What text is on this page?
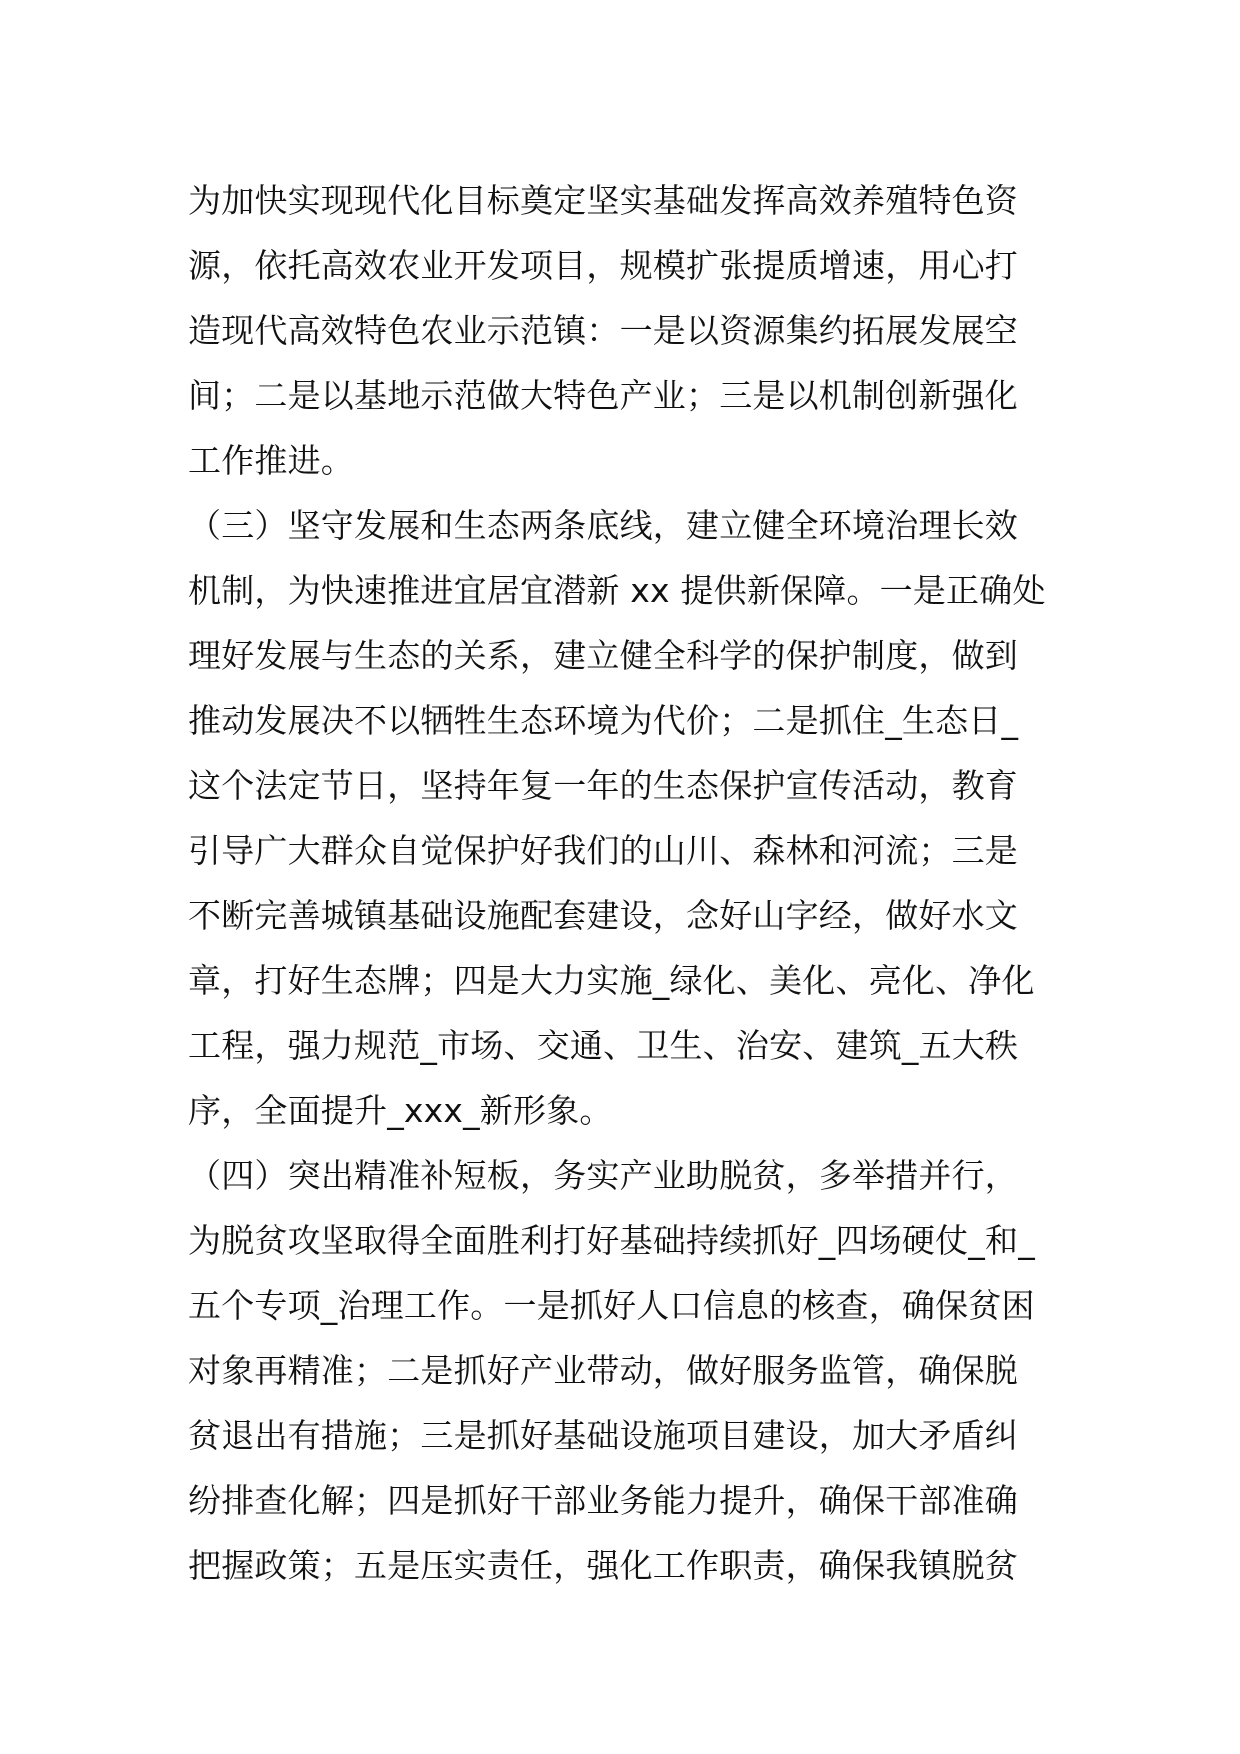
为加快实现现代化目标奠定坚实基础发挥高效养殖特色资
源，依托高效农业开发项目，规模扩张提质增速，用心打
造现代高效特色农业示范镇：一是以资源集约拓展发展空
间；二是以基地示范做大特色产业；三是以机制创新强化
工作推进。
（三）坚守发展和生态两条底线，建立健全环境治理长效
机制，为快速推进宜居宜潜新 xx 提供新保障。一是正确处
理好发展与生态的关系，建立健全科学的保护制度，做到
推动发展决不以牺牲生态环境为代价；二是抓住_生态日_
这个法定节日，坚持年复一年的生态保护宣传活动，教育
引导广大群众自觉保护好我们的山川、森林和河流；三是
不断完善城镇基础设施配套建设，念好山字经，做好水文
章，打好生态牌；四是大力实施_绿化、美化、亮化、净化
工程，强力规范_市场、交通、卫生、治安、建筑_五大秩
序，全面提升_xxx_新形象。
（四）突出精准补短板，务实产业助脱贫，多举措并行，
为脱贫攻坚取得全面胜利打好基础持续抓好_四场硬仗_和_
五个专项_治理工作。一是抓好人口信息的核查，确保贫困
对象再精准；二是抓好产业带动，做好服务监管，确保脱
贫退出有措施；三是抓好基础设施项目建设，加大矛盾纠
纷排查化解；四是抓好干部业务能力提升，确保干部准确
把握政策；五是压实责任，强化工作职责，确保我镇脱贫
